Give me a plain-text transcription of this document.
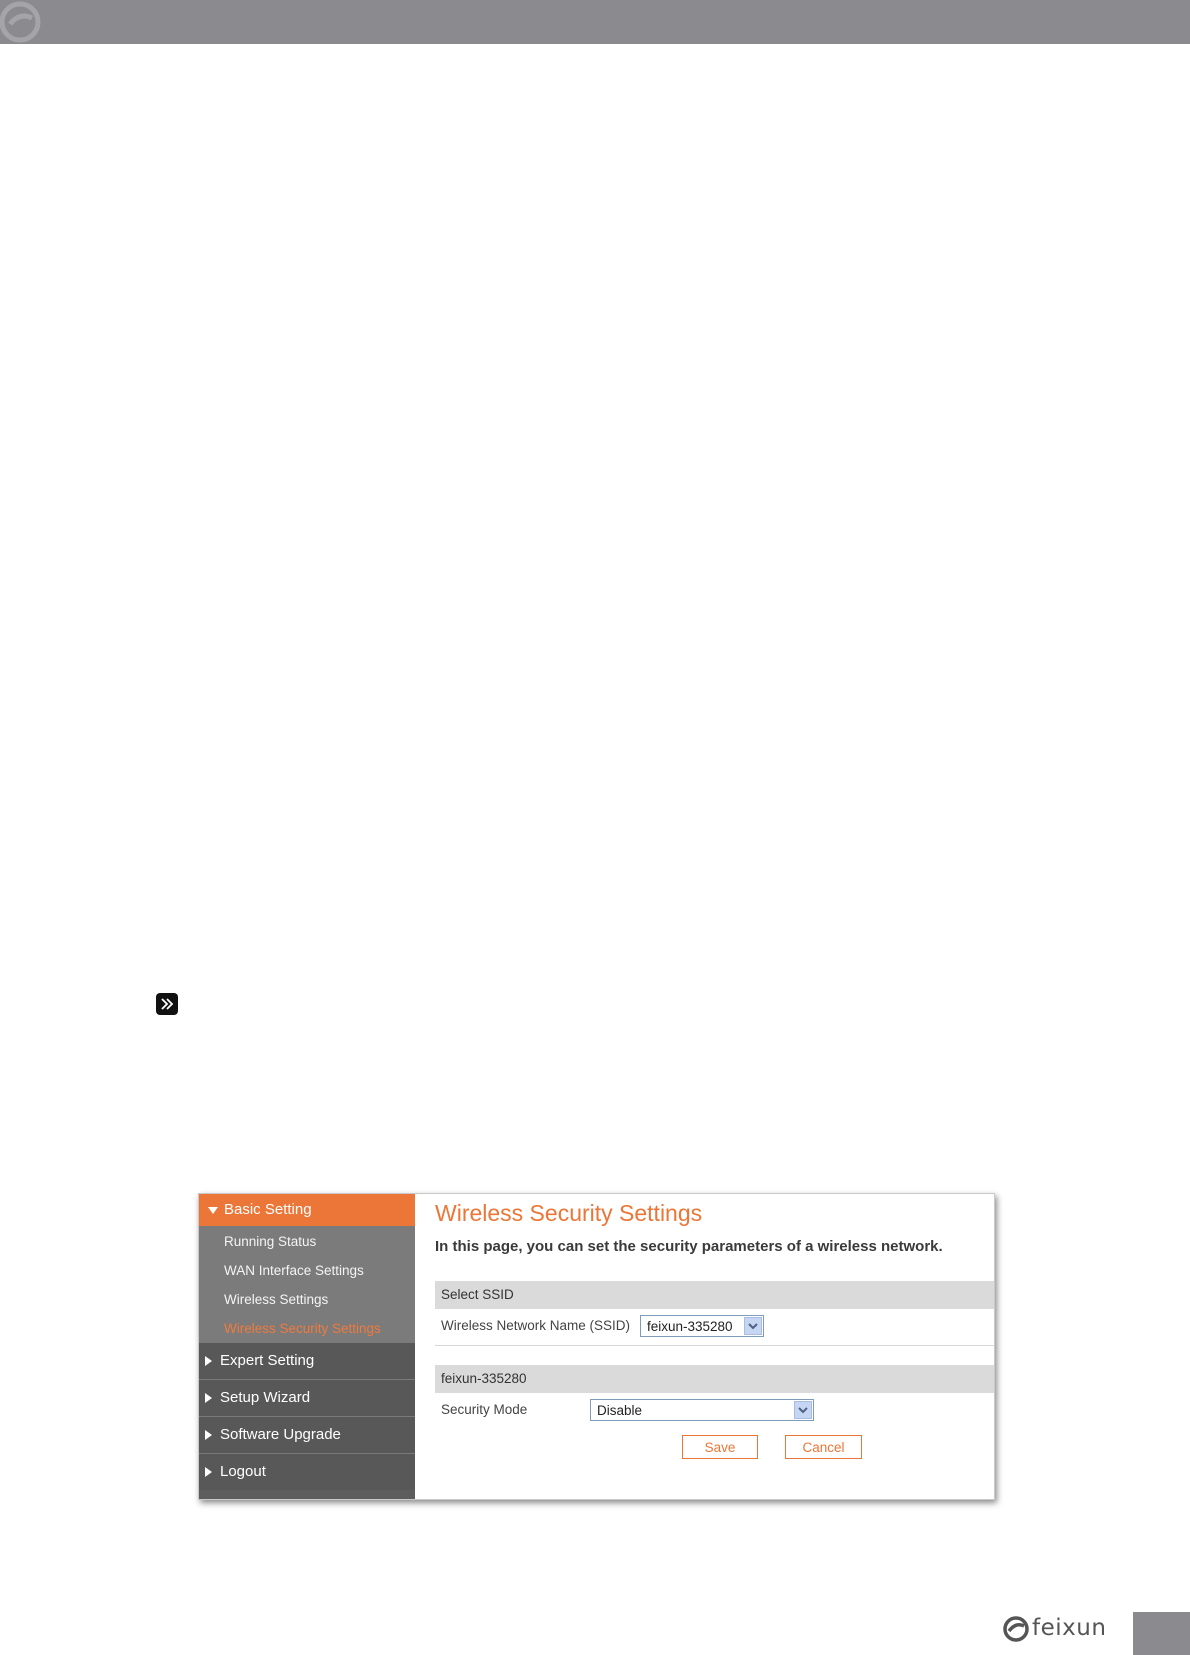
Basic Setting
Running Status
WAN Interface Settings
Wireless Settings
Wireless Security Settings
Expert Setting
Setup Wizard
Software Upgrade
Logout
Wireless Security Settings
In this page, you can set the security parameters of a wireless network.
Select SSID
Wireless Network Name (SSID) feixun-335280
feixun-335280
Security Mode	Disable
Save	Cancel
feixun
